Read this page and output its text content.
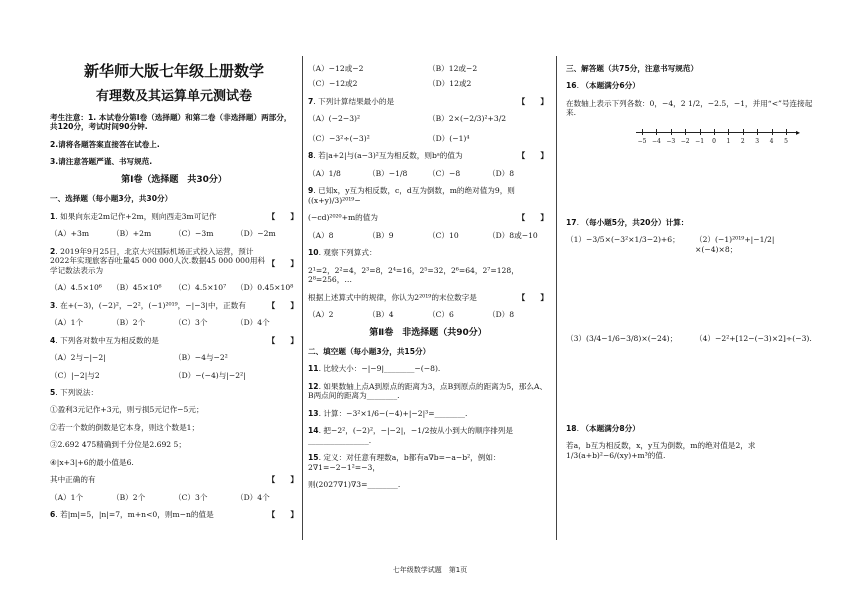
新华师大版七年级上册数学
有理数及其运算单元测试卷
考生注意：1. 本试卷分第Ⅰ卷（选择题）和第二卷（非选择题）两部分，共120分，考试时间90分钟.
2.请将各题答案直接答在试卷上.
3.请注意答题严谨、书写规范.
第Ⅰ卷（选择题　共30分）
一、选择题（每小题3分，共30分）
1. 如果向东走2m记作+2m，则向西走3m可记作	【　　】
（A）+3m	（B）+2m	（C）−3m	（D）−2m
2. 2019年9月25日，北京大兴国际机场正式投入运营，预计2022年实现旅客吞吐量45 000 000人次.数据45 000 000用科学记数法表示为
【　　】
（A）4.5×10⁶	（B）45×10⁶	（C）4.5×10⁷	（D）0.45×10⁸
3. 在+(−3)，(−2)²，−2²，(−1)²⁰¹⁹，−|−3|中，正数有	【　　】
（A）1个	（B）2个	（C）3个	（D）4个
4. 下列各对数中互为相反数的是	【　　】
（A）2与−|−2|	（B）−4与−2²
（C）|−2|与2	（D）−(−4)与|−2²|
5. 下列说法：
①盈利3元记作+3元，则亏损5元记作−5元；
②若一个数的倒数是它本身，则这个数是1；
③2.692 475精确到千分位是2.692 5；
④|x+3|+6的最小值是6.
其中正确的有	【　　】
（A）1个	（B）2个	（C）3个	（D）4个
6. 若|m|=5，|n|=7，m+n<0，则m−n的值是	【　　】
（A）−12或−2	（B）12或−2
（C）−12或2	（D）12或2
7. 下列计算结果最小的是	【　　】
（A）(−2−3)²	（B）2×(−2/3)²+3/2
（C）−3²÷(−3)²	（D）(−1)⁴
8. 若|a+2|与(a−3)²互为相反数，则bᵃ的值为	【　　】
（A）1/8	（B）−1/8	（C）−8	（D）8
9. 已知x，y互为相反数，c，d互为倒数，m的绝对值为9，则((x+y)/3)²⁰¹⁹−
(−cd)²⁰²⁰+m的值为	【　　】
（A）8	（B）9	（C）10	（D）8或−10
10. 观察下列算式：
2¹=2，2²=4，2³=8，2⁴=16，2⁵=32，2⁶=64，2⁷=128，2⁸=256，…
根据上述算式中的规律，你认为2²⁰¹⁹的末位数字是	【　　】
（A）2	（B）4	（C）6	（D）8
第Ⅱ卷　非选择题（共90分）
二、填空题（每小题3分，共15分）
11. 比较大小：−|−9|________−(−8).
12. 如果数轴上点A到原点的距离为3，点B到原点的距离为5，那么A、B两点间的距离为________.
13. 计算：−3²×1/6−(−4)+|−2|³=________.
14. 把−2²，(−2)²，−|−2|，−1/2按从小到大的顺序排列是________________.
15. 定义：对任意有理数a，b都有a∇b=−a−b²，例如：2∇1=−2−1²=−3，
则(2027∇1)∇3=________.
三、解答题（共75分，注意书写规范）
16. （本题满分6分）
在数轴上表示下列各数：0，−4，2 1/2，−2.5，−1，并用“<”号连接起来.
▸
−5 −4 −3 −2 −1 0 1 2 3 4 5
17. （每小题5分，共20分）计算：
（1）−3/5×(−3²×1/3−2)+6；	（2）(−1)²⁰¹⁹+|−1/2|×(−4)×8；
（3）(3/4−1/6−3/8)×(−24)；	（4）−2²+[12−(−3)×2]÷(−3).
18. （本题满分8分）
若a，b互为相反数，x，y互为倒数，m的绝对值是2，求1/3(a+b)²−6/(xy)+m³的值.
七年级数学试题　第1页
